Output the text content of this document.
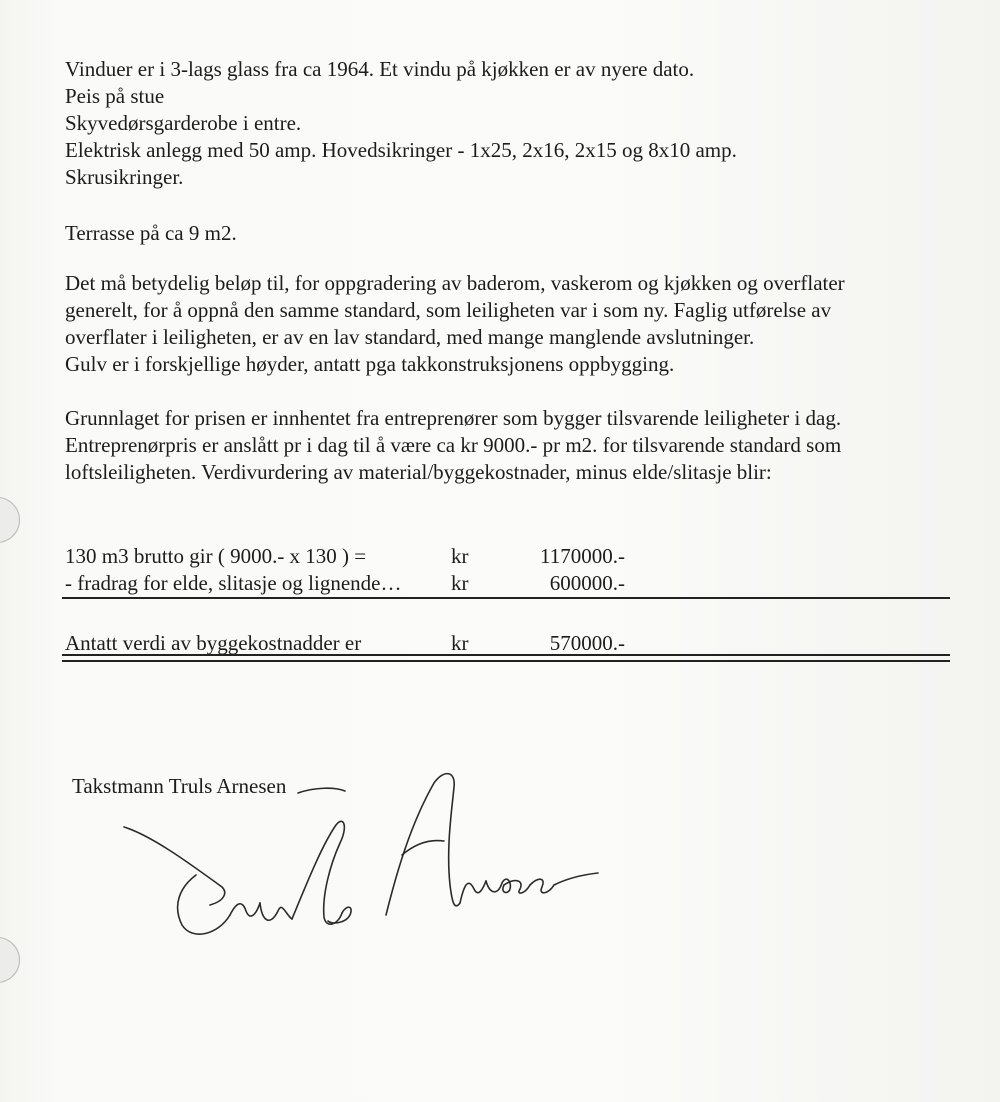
Vinduer er i 3-lags glass fra ca 1964. Et vindu på kjøkken er av nyere dato.

Peis på stue

Skyvedørsgarderobe i entre.

Elektrisk anlegg med 50 amp. Hovedsikringer - 1x25, 2x16, 2x15 og 8x10 amp.

Skrusikringer.

Terrasse på ca 9 m2.

Det må betydelig beløp til, for oppgradering av baderom, vaskerom og kjøkken og overflater

generelt, for å oppnå den samme standard, som leiligheten var i som ny. Faglig utførelse av

overflater i leiligheten, er av en lav standard, med mange manglende avslutninger.

Gulv er i forskjellige høyder, antatt pga takkonstruksjonens oppbygging.

Grunnlaget for prisen er innhentet fra entreprenører som bygger tilsvarende leiligheter i dag.

Entreprenørpris er anslått pr i dag til å være ca kr 9000.- pr m2. for tilsvarende standard som

loftsleiligheten. Verdivurdering av material/byggekostnader, minus elde/slitasje blir:

130 m3 brutto gir ( 9000.- x 130 ) =	kr	1170000.-
- fradrag for elde, slitasje og lignende… kr	600000.-
Antatt verdi av byggekostnadder er	kr	570000.-
Takstmann Truls Arnesen
